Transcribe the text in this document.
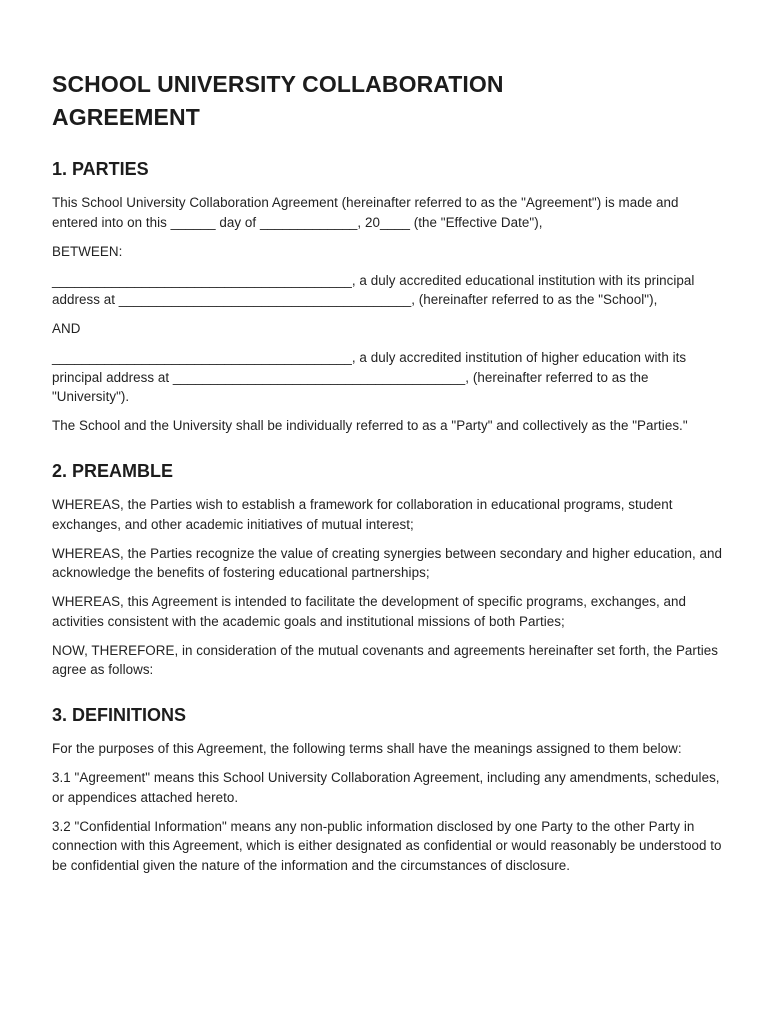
SCHOOL UNIVERSITY COLLABORATION AGREEMENT
1. PARTIES

This School University Collaboration Agreement (hereinafter referred to as the "Agreement") is made and entered into on this ______ day of _____________, 20____ (the "Effective Date"),

BETWEEN:

________________________________________, a duly accredited educational institution with its principal address at _______________________________________, (hereinafter referred to as the "School"),

AND

________________________________________, a duly accredited institution of higher education with its principal address at _______________________________________, (hereinafter referred to as the "University").

The School and the University shall be individually referred to as a "Party" and collectively as the "Parties."

2. PREAMBLE

WHEREAS, the Parties wish to establish a framework for collaboration in educational programs, student exchanges, and other academic initiatives of mutual interest;

WHEREAS, the Parties recognize the value of creating synergies between secondary and higher education, and acknowledge the benefits of fostering educational partnerships;

WHEREAS, this Agreement is intended to facilitate the development of specific programs, exchanges, and activities consistent with the academic goals and institutional missions of both Parties;

NOW, THEREFORE, in consideration of the mutual covenants and agreements hereinafter set forth, the Parties agree as follows:

3. DEFINITIONS

For the purposes of this Agreement, the following terms shall have the meanings assigned to them below:

3.1 "Agreement" means this School University Collaboration Agreement, including any amendments, schedules, or appendices attached hereto.

3.2 "Confidential Information" means any non-public information disclosed by one Party to the other Party in connection with this Agreement, which is either designated as confidential or would reasonably be understood to be confidential given the nature of the information and the circumstances of disclosure.
